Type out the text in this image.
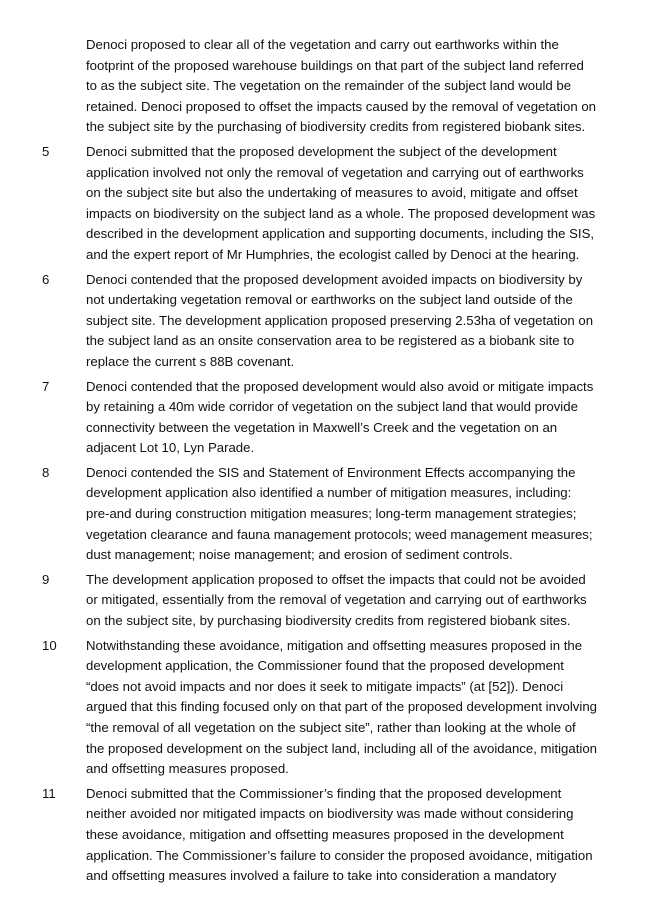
Denoci proposed to clear all of the vegetation and carry out earthworks within the
footprint of the proposed warehouse buildings on that part of the subject land referred
to as the subject site. The vegetation on the remainder of the subject land would be
retained. Denoci proposed to offset the impacts caused by the removal of vegetation on
the subject site by the purchasing of biodiversity credits from registered biobank sites.
5	Denoci submitted that the proposed development the subject of the development
application involved not only the removal of vegetation and carrying out of earthworks
on the subject site but also the undertaking of measures to avoid, mitigate and offset
impacts on biodiversity on the subject land as a whole. The proposed development was
described in the development application and supporting documents, including the SIS,
and the expert report of Mr Humphries, the ecologist called by Denoci at the hearing.
6	Denoci contended that the proposed development avoided impacts on biodiversity by
not undertaking vegetation removal or earthworks on the subject land outside of the
subject site. The development application proposed preserving 2.53ha of vegetation on
the subject land as an onsite conservation area to be registered as a biobank site to
replace the current s 88B covenant.
7	Denoci contended that the proposed development would also avoid or mitigate impacts
by retaining a 40m wide corridor of vegetation on the subject land that would provide
connectivity between the vegetation in Maxwell’s Creek and the vegetation on an
adjacent Lot 10, Lyn Parade.
8	Denoci contended the SIS and Statement of Environment Effects accompanying the
development application also identified a number of mitigation measures, including:
pre-and during construction mitigation measures; long-term management strategies;
vegetation clearance and fauna management protocols; weed management measures;
dust management; noise management; and erosion of sediment controls.
9	The development application proposed to offset the impacts that could not be avoided
or mitigated, essentially from the removal of vegetation and carrying out of earthworks
on the subject site, by purchasing biodiversity credits from registered biobank sites.
10	Notwithstanding these avoidance, mitigation and offsetting measures proposed in the
development application, the Commissioner found that the proposed development
“does not avoid impacts and nor does it seek to mitigate impacts” (at [52]). Denoci
argued that this finding focused only on that part of the proposed development involving
“the removal of all vegetation on the subject site”, rather than looking at the whole of
the proposed development on the subject land, including all of the avoidance, mitigation
and offsetting measures proposed.
11	Denoci submitted that the Commissioner’s finding that the proposed development
neither avoided nor mitigated impacts on biodiversity was made without considering
these avoidance, mitigation and offsetting measures proposed in the development
application. The Commissioner’s failure to consider the proposed avoidance, mitigation
and offsetting measures involved a failure to take into consideration a mandatory
